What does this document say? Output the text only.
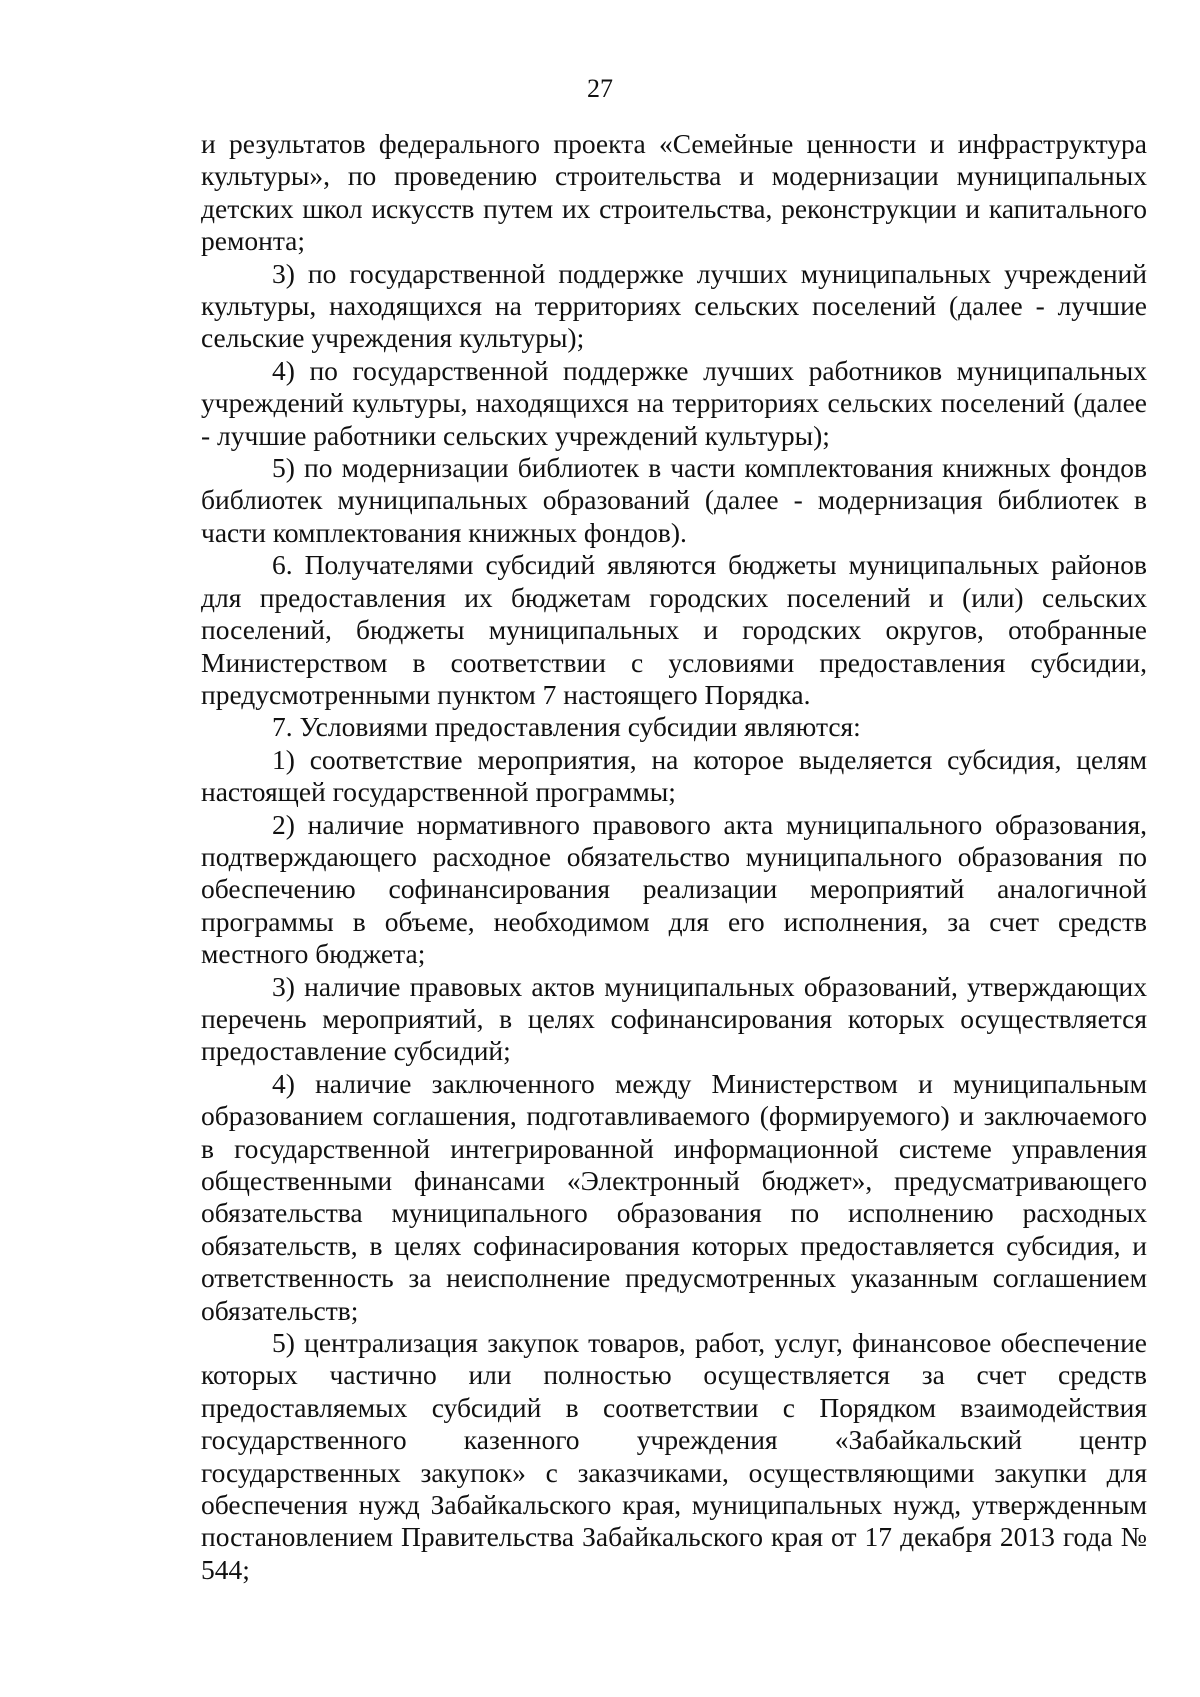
27

и результатов федерального проекта «Семейные ценности и инфраструктура культуры», по проведению строительства и модернизации муниципальных детских школ искусств путем их строительства, реконструкции и капитального ремонта;

3) по государственной поддержке лучших муниципальных учреждений культуры, находящихся на территориях сельских поселений (далее - лучшие сельские учреждения культуры);

4) по государственной поддержке лучших работников муниципальных учреждений культуры, находящихся на территориях сельских поселений (далее - лучшие работники сельских учреждений культуры);

5) по модернизации библиотек в части комплектования книжных фондов библиотек муниципальных образований (далее - модернизация библиотек в части комплектования книжных фондов).

6. Получателями субсидий являются бюджеты муниципальных районов для предоставления их бюджетам городских поселений и (или) сельских поселений, бюджеты муниципальных и городских округов, отобранные Министерством в соответствии с условиями предоставления субсидии, предусмотренными пунктом 7 настоящего Порядка.

7. Условиями предоставления субсидии являются:

1) соответствие мероприятия, на которое выделяется субсидия, целям настоящей государственной программы;

2) наличие нормативного правового акта муниципального образования, подтверждающего расходное обязательство муниципального образования по обеспечению софинансирования реализации мероприятий аналогичной программы в объеме, необходимом для его исполнения, за счет средств местного бюджета;

3) наличие правовых актов муниципальных образований, утверждающих перечень мероприятий, в целях софинансирования которых осуществляется предоставление субсидий;

4) наличие заключенного между Министерством и муниципальным образованием соглашения, подготавливаемого (формируемого) и заключаемого в государственной интегрированной информационной системе управления общественными финансами «Электронный бюджет», предусматривающего обязательства муниципального образования по исполнению расходных обязательств, в целях софинасирования которых предоставляется субсидия, и ответственность за неисполнение предусмотренных указанным соглашением обязательств;

5) централизация закупок товаров, работ, услуг, финансовое обеспечение которых частично или полностью осуществляется за счет средств предоставляемых субсидий в соответствии с Порядком взаимодействия государственного казенного учреждения «Забайкальский центр государственных закупок» с заказчиками, осуществляющими закупки для обеспечения нужд Забайкальского края, муниципальных нужд, утвержденным постановлением Правительства Забайкальского края от 17 декабря 2013 года № 544;
